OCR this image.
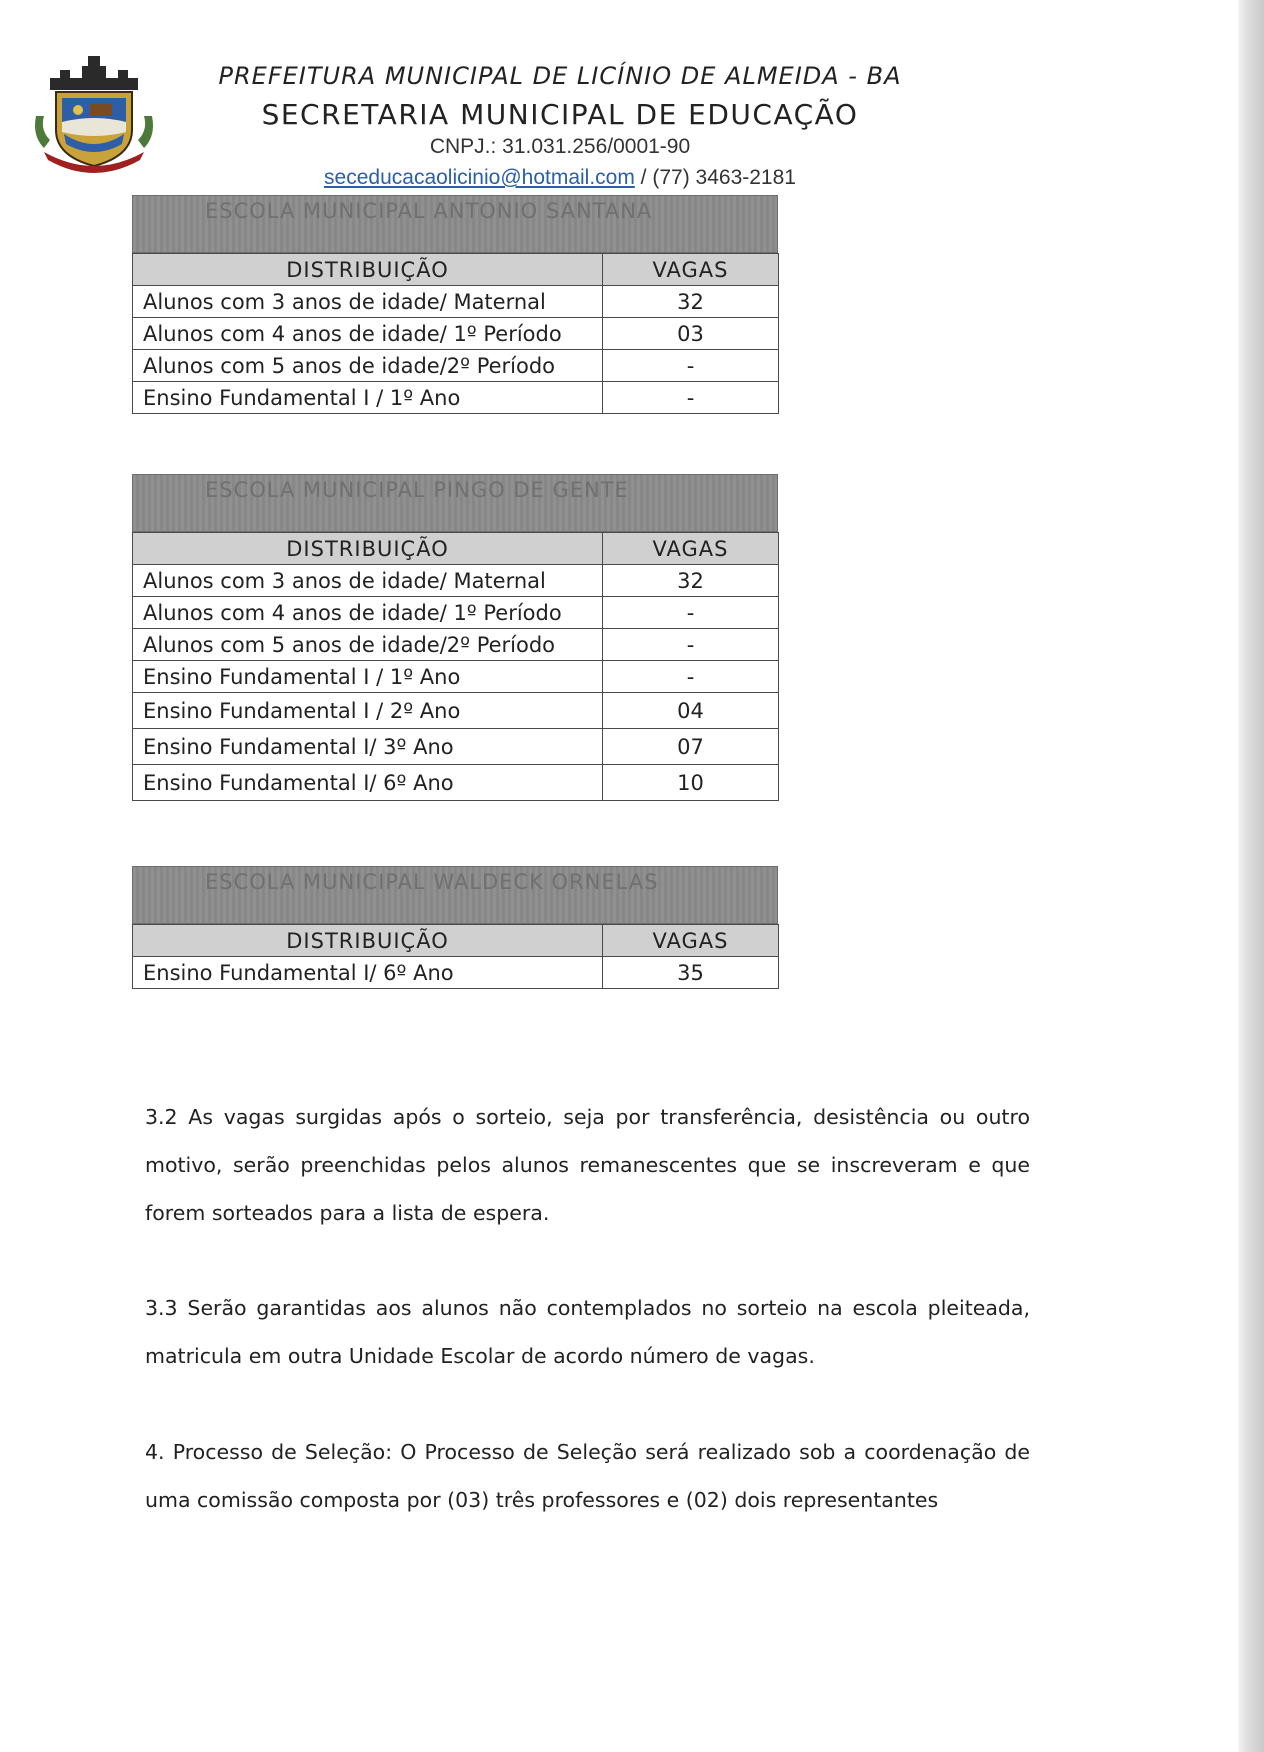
PREFEITURA MUNICIPAL DE LICÍNIO DE ALMEIDA - BA
SECRETARIA MUNICIPAL DE EDUCAÇÃO
CNPJ.: 31.031.256/0001-90
seceducacaolicinio@hotmail.com / (77) 3463-2181
ESCOLA MUNICIPAL ANTONIO SANTANA
DISTRIBUIÇÃO	VAGAS
Alunos com 3 anos de idade/ Maternal	32
Alunos com 4 anos de idade/ 1º Período	03
Alunos com 5 anos de idade/2º Período	-
Ensino Fundamental I / 1º Ano	-
ESCOLA MUNICIPAL PINGO DE GENTE
DISTRIBUIÇÃO	VAGAS
Alunos com 3 anos de idade/ Maternal	32
Alunos com 4 anos de idade/ 1º Período	-
Alunos com 5 anos de idade/2º Período	-
Ensino Fundamental I / 1º Ano	-
Ensino Fundamental I / 2º Ano	04
Ensino Fundamental I/ 3º Ano	07
Ensino Fundamental I/ 6º Ano	10
ESCOLA MUNICIPAL WALDECK ORNELAS
DISTRIBUIÇÃO	VAGAS
Ensino Fundamental I/ 6º Ano	35
3.2 As vagas surgidas após o sorteio, seja por transferência, desistência ou outro motivo, serão preenchidas pelos alunos remanescentes que se inscreveram e que forem sorteados para a lista de espera.
3.3 Serão garantidas aos alunos não contemplados no sorteio na escola pleiteada, matricula em outra Unidade Escolar de acordo número de vagas.
4. Processo de Seleção: O Processo de Seleção será realizado sob a coordenação de uma comissão composta por (03) três professores e (02) dois representantes
